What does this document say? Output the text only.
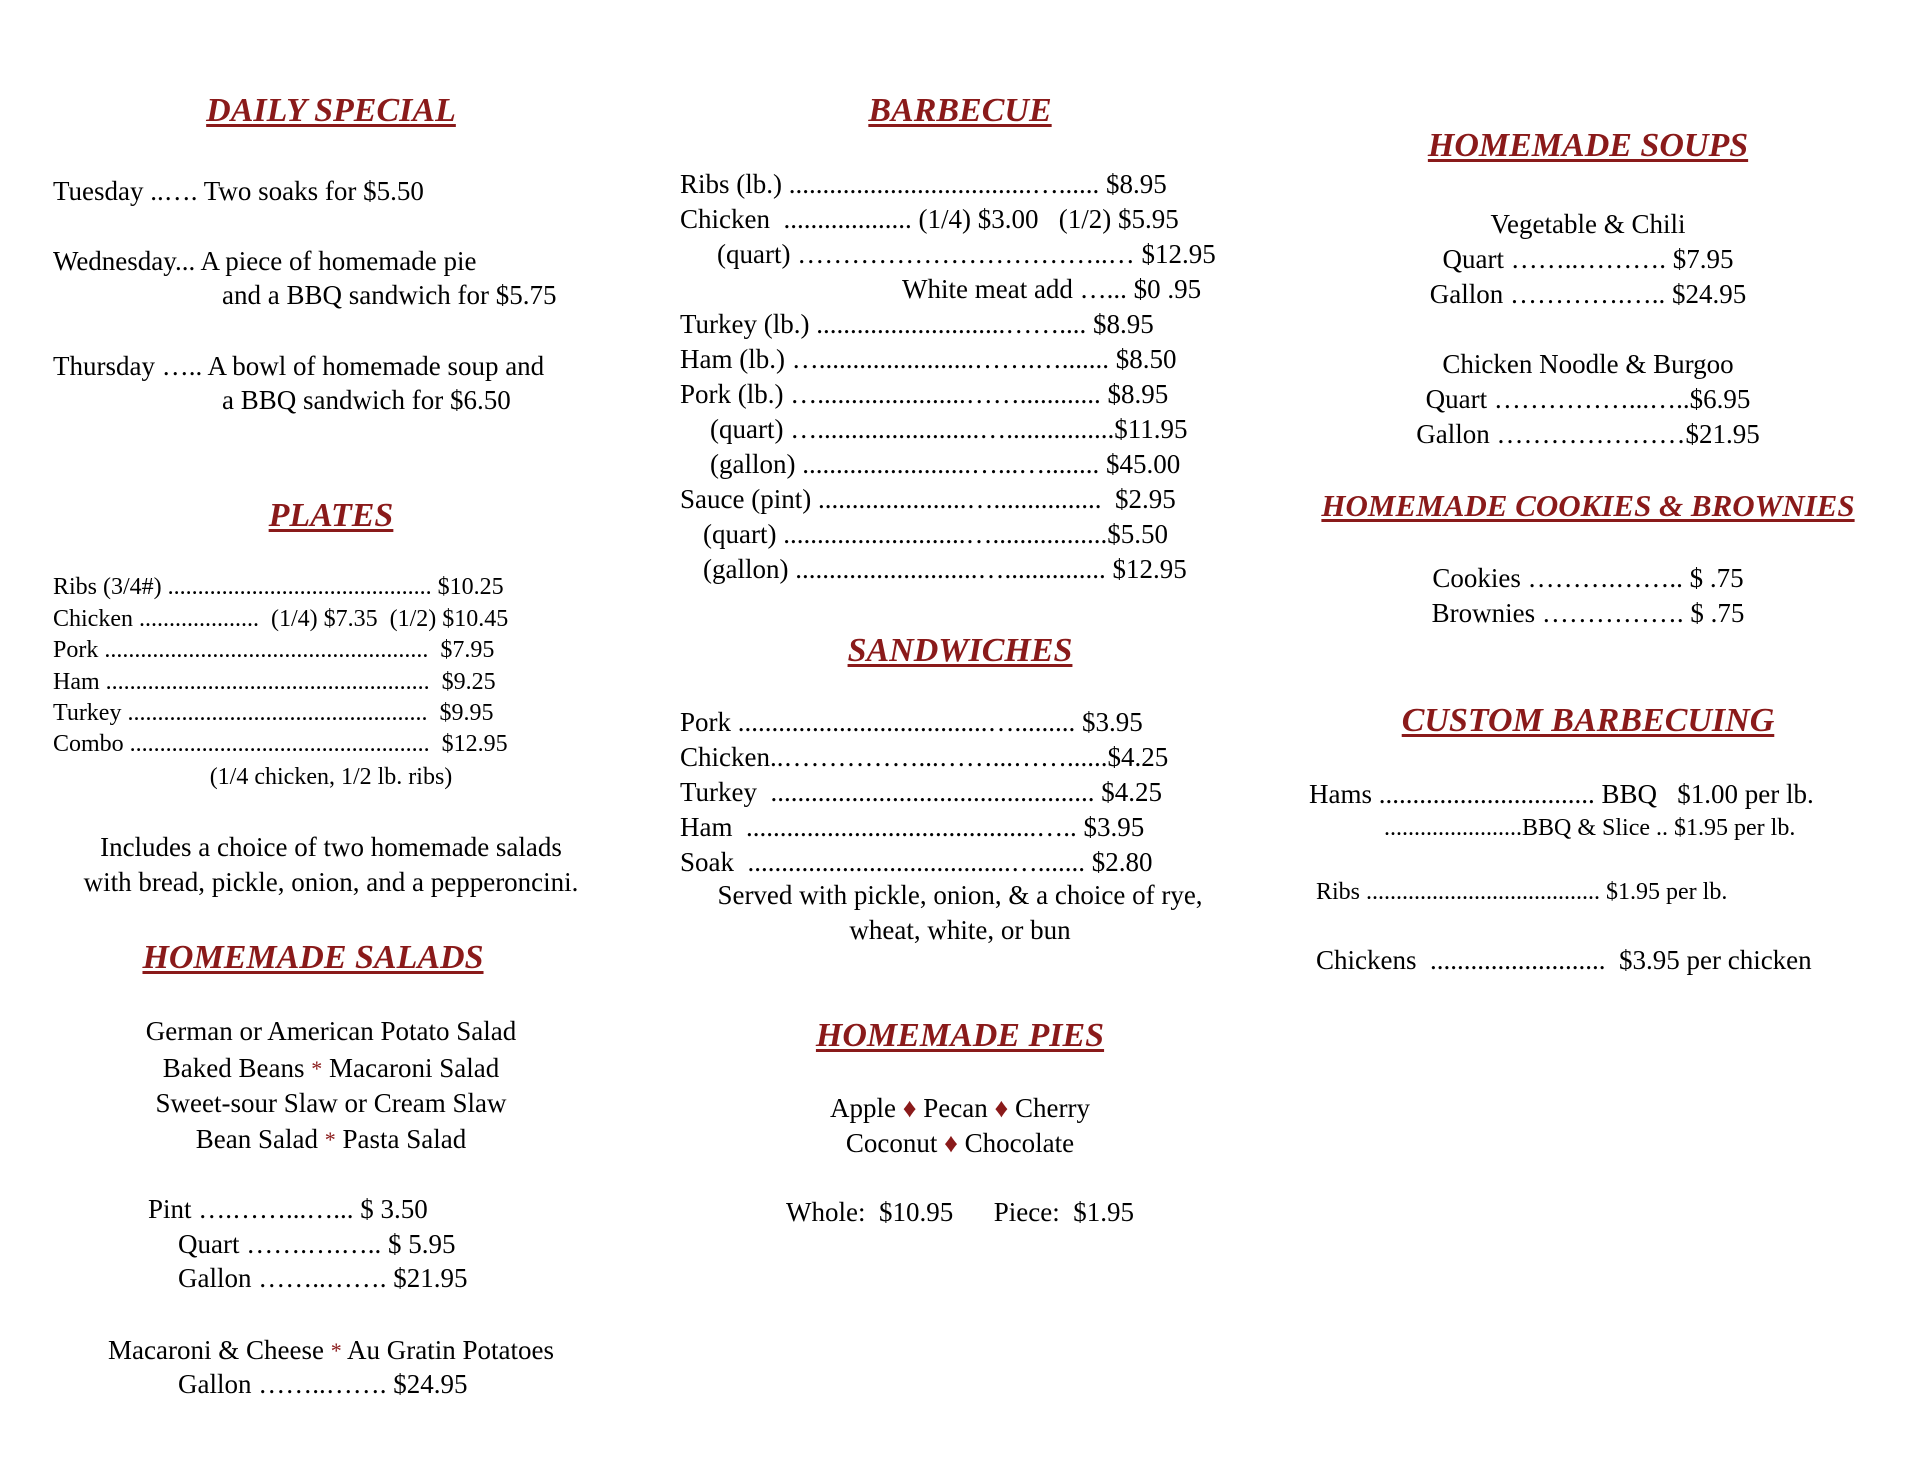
DAILY SPECIAL
Tuesday ..…. Two soaks for $5.50
Wednesday... A piece of homemade pie
and a BBQ sandwich for $5.75
Thursday ….. A bowl of homemade soup and
a BBQ sandwich for $6.50
PLATES
Ribs (3/4#) ............................................ $10.25
Chicken ....................  (1/4) $7.35  (1/2) $10.45
Pork ......................................................  $7.95
Ham ......................................................  $9.25
Turkey ..................................................  $9.95
Combo ..................................................  $12.95
(1/4 chicken, 1/2 lb. ribs)
Includes a choice of two homemade salads
with bread, pickle, onion, and a pepperoncini.
HOMEMADE SALADS
German or American Potato Salad
Baked Beans * Macaroni Salad
Sweet-sour Slaw or Cream Slaw
Bean Salad * Pasta Salad
Pint ….……...…... $ 3.50
Quart …….….….. $ 5.95
Gallon ……..……. $21.95
Macaroni & Cheese * Au Gratin Potatoes
Gallon ……..……. $24.95
BARBECUE
Ribs (lb.) ....................................…...... $8.95
Chicken  ................... (1/4) $3.00   (1/2) $5.95
(quart) ……………………………..… $12.95
White meat add …... $0 .95
Turkey (lb.) ............................…….... $8.95
Ham (lb.) ….......................…….…....... $8.50
Pork (lb.) …......................……............ $8.95
(quart) …........................…................$11.95
(gallon) .........................…...…........ $45.00
Sauce (pint) ......................…................  $2.95
(quart) ...........................….................$5.50
(gallon) ...........................…............... $12.95
SANDWICHES
Pork .....................................…......... $3.95
Chicken..……………...……...……......$4.25
Turkey  ................................................ $4.25
Ham  ...........................................….. $3.95
Soak  .......................................…....... $2.80
Served with pickle, onion, & a choice of rye,
wheat, white, or bun
HOMEMADE PIES
Apple ♦ Pecan ♦ Cherry
Coconut ♦ Chocolate
Whole:  $10.95      Piece:  $1.95
HOMEMADE SOUPS
Vegetable & Chili
Quart ……..………. $7.95
Gallon ………….….. $24.95
Chicken Noodle & Burgoo
Quart ……………...…..$6.95
Gallon …………………$21.95
HOMEMADE COOKIES & BROWNIES
Cookies ……….…….. $ .75
Brownies ……………. $ .75
CUSTOM BARBECUING
Hams ................................ BBQ   $1.00 per lb.
.......................BBQ & Slice .. $1.95 per lb.
Ribs ....................................... $1.95 per lb.
Chickens  ..........................  $3.95 per chicken
